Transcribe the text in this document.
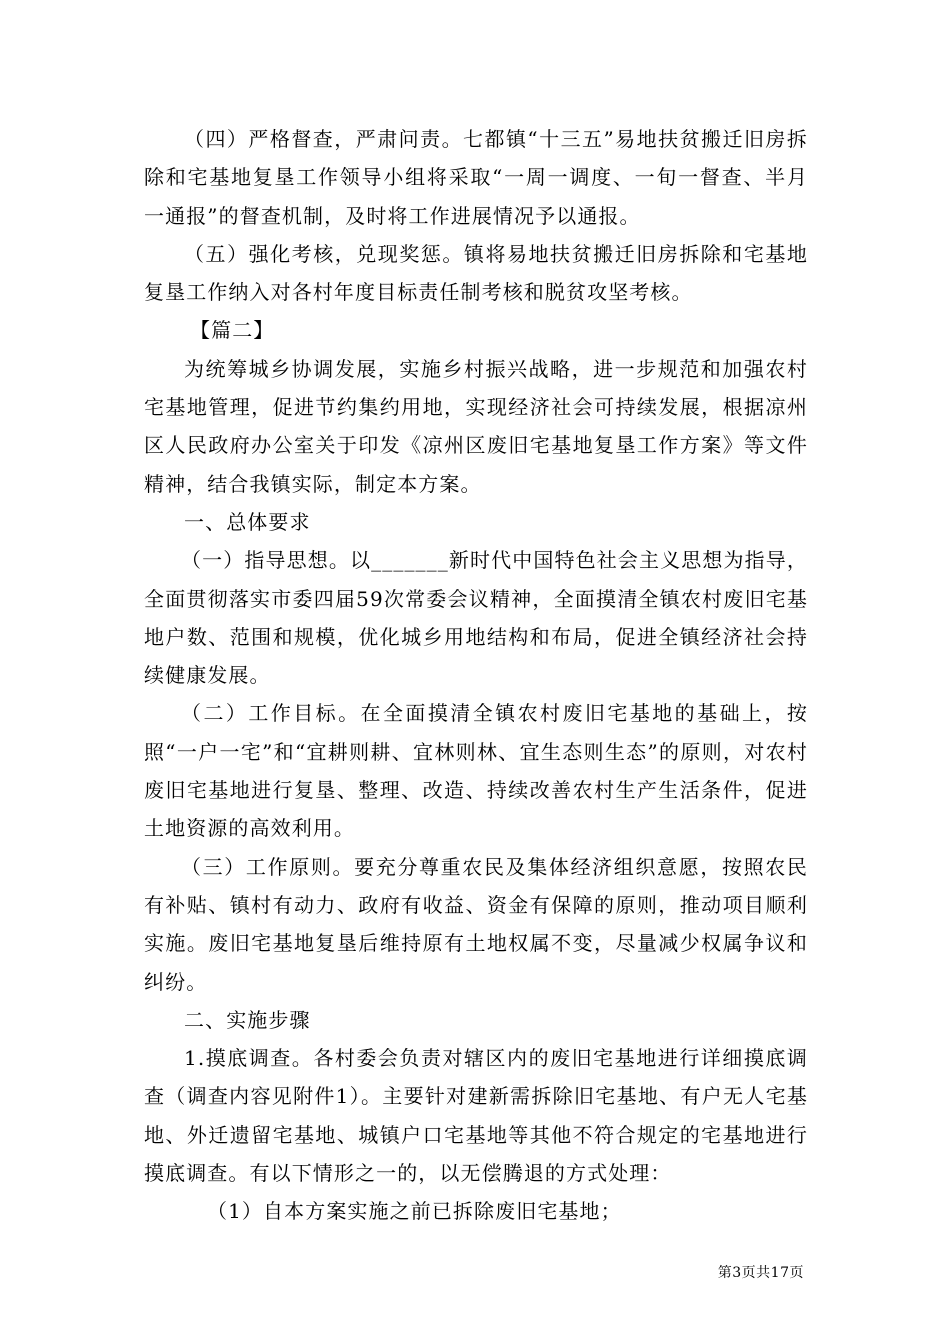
（四）严格督查，严肃问责。七都镇“十三五”易地扶贫搬迁旧房拆除和宅基地复垦工作领导小组将采取“一周一调度、一旬一督查、半月一通报”的督查机制，及时将工作进展情况予以通报。

（五）强化考核，兑现奖惩。镇将易地扶贫搬迁旧房拆除和宅基地复垦工作纳入对各村年度目标责任制考核和脱贫攻坚考核。

【篇二】

为统筹城乡协调发展，实施乡村振兴战略，进一步规范和加强农村宅基地管理，促进节约集约用地，实现经济社会可持续发展，根据凉州区人民政府办公室关于印发《凉州区废旧宅基地复垦工作方案》等文件精神，结合我镇实际，制定本方案。

一、总体要求

（一）指导思想。以_______新时代中国特色社会主义思想为指导，全面贯彻落实市委四届59次常委会议精神，全面摸清全镇农村废旧宅基地户数、范围和规模，优化城乡用地结构和布局，促进全镇经济社会持续健康发展。

（二）工作目标。在全面摸清全镇农村废旧宅基地的基础上，按照“一户一宅”和“宜耕则耕、宜林则林、宜生态则生态”的原则，对农村废旧宅基地进行复垦、整理、改造、持续改善农村生产生活条件，促进土地资源的高效利用。

（三）工作原则。要充分尊重农民及集体经济组织意愿，按照农民有补贴、镇村有动力、政府有收益、资金有保障的原则，推动项目顺利实施。废旧宅基地复垦后维持原有土地权属不变，尽量减少权属争议和纠纷。

二、实施步骤

1.摸底调查。各村委会负责对辖区内的废旧宅基地进行详细摸底调查（调查内容见附件1）。主要针对建新需拆除旧宅基地、有户无人宅基地、外迁遗留宅基地、城镇户口宅基地等其他不符合规定的宅基地进行摸底调查。有以下情形之一的，以无偿腾退的方式处理：

（1）自本方案实施之前已拆除废旧宅基地；

第3页共17页
